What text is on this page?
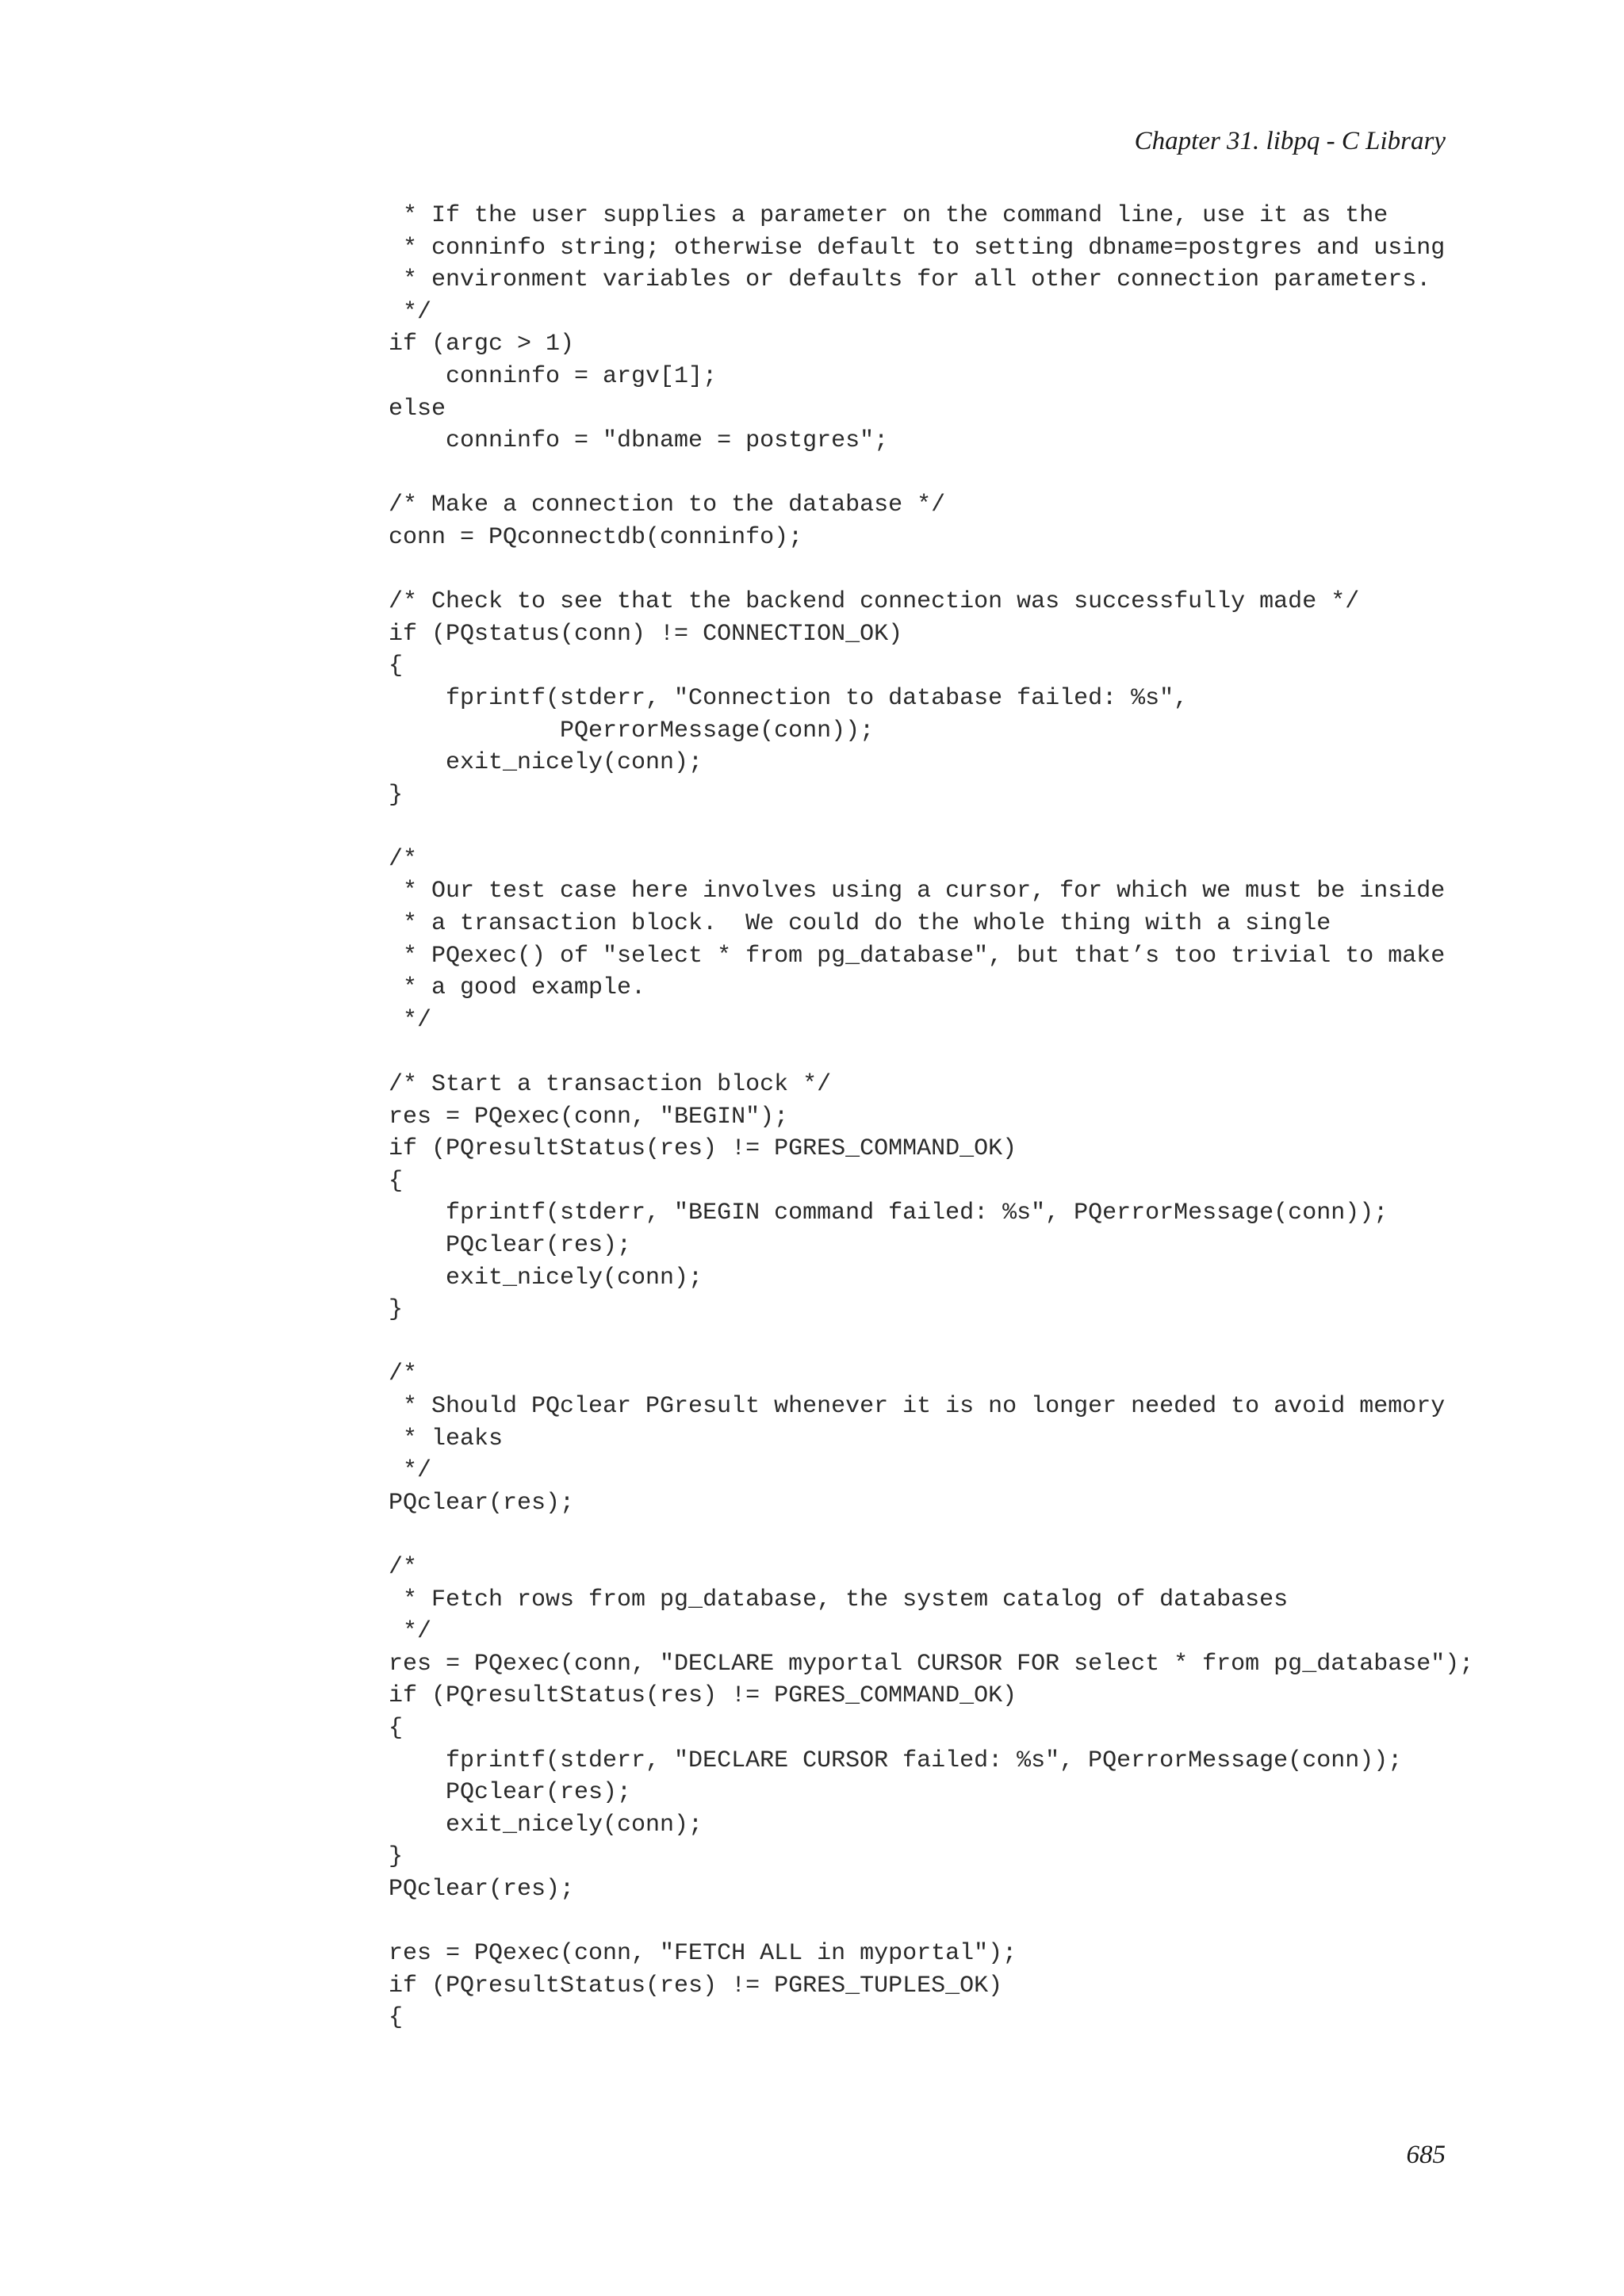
Chapter 31. libpq - C Library
* If the user supplies a parameter on the command line, use it as the
* conninfo string; otherwise default to setting dbname=postgres and using
* environment variables or defaults for all other connection parameters.
*/
if (argc > 1)
conninfo = argv[1];
else
conninfo = "dbname = postgres";
/* Make a connection to the database */
conn = PQconnectdb(conninfo);
/* Check to see that the backend connection was successfully made */
if (PQstatus(conn) != CONNECTION_OK)
{
fprintf(stderr, "Connection to database failed: %s",
PQerrorMessage(conn));
exit_nicely(conn);
}
/*
* Our test case here involves using a cursor, for which we must be inside
* a transaction block.  We could do the whole thing with a single
* PQexec() of "select * from pg_database", but that’s too trivial to make
* a good example.
*/
/* Start a transaction block */
res = PQexec(conn, "BEGIN");
if (PQresultStatus(res) != PGRES_COMMAND_OK)
{
fprintf(stderr, "BEGIN command failed: %s", PQerrorMessage(conn));
PQclear(res);
exit_nicely(conn);
}
/*
* Should PQclear PGresult whenever it is no longer needed to avoid memory
* leaks
*/
PQclear(res);
/*
* Fetch rows from pg_database, the system catalog of databases
*/
res = PQexec(conn, "DECLARE myportal CURSOR FOR select * from pg_database");
if (PQresultStatus(res) != PGRES_COMMAND_OK)
{
fprintf(stderr, "DECLARE CURSOR failed: %s", PQerrorMessage(conn));
PQclear(res);
exit_nicely(conn);
}
PQclear(res);
res = PQexec(conn, "FETCH ALL in myportal");
if (PQresultStatus(res) != PGRES_TUPLES_OK)
{
685
